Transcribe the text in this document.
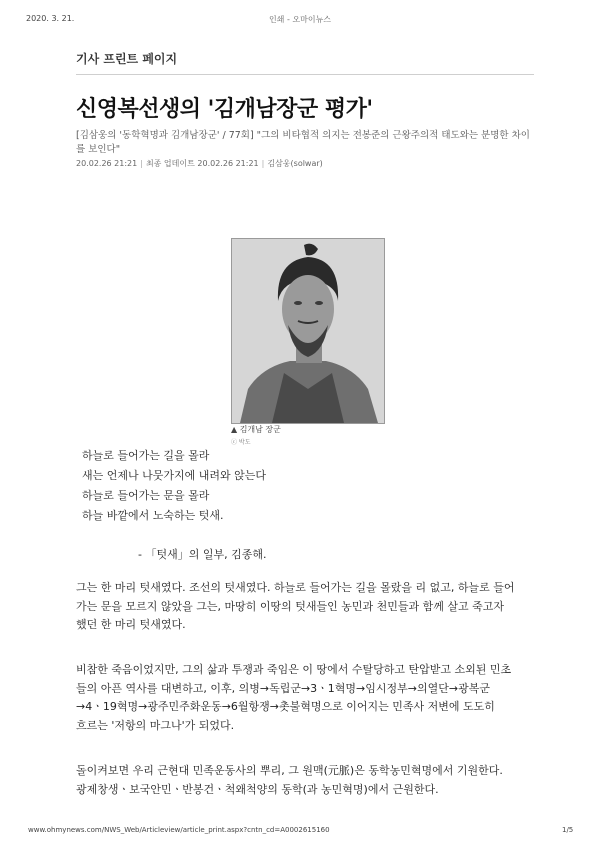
2020. 3. 21.	인쇄 - 오마이뉴스
기사 프린트 페이지
신영복선생의 '김개남장군 평가'
[김삼웅의 '동학혁명과 김개남장군' / 77회] "그의 비타협적 의지는 전봉준의 근왕주의적 태도와는 분명한 차이를 보인다"
20.02.26 21:21 | 최종 업데이트 20.02.26 21:21 | 김삼웅(solwar)
▲ 김개남 장군
ⓒ 박도
하늘로 들어가는 길을 몰라
새는 언제나 나뭇가지에 내려와 앉는다
하늘로 들어가는 문을 몰라
하늘 바깥에서 노숙하는 텃새.
- 「텃새」의 일부, 김종해.
그는 한 마리 텃새였다. 조선의 텃새였다. 하늘로 들어가는 길을 몰랐을 리 없고, 하늘로 들어
가는 문을 모르지 않았을 그는, 마땅히 이땅의 텃새들인 농민과 천민들과 함께 살고 죽고자
했던 한 마리 텃새였다.
비참한 죽음이었지만, 그의 삶과 투쟁과 죽임은 이 땅에서 수탈당하고 탄압받고 소외된 민초
들의 아픈 역사를 대변하고, 이후, 의병→독립군→3ㆍ1혁명→임시정부→의열단→광복군
→4ㆍ19혁명→광주민주화운동→6월항쟁→촛불혁명으로 이어지는 민족사 저변에 도도히
흐르는 '저항의 마그나'가 되었다.
돌이켜보면 우리 근현대 민족운동사의 뿌리, 그 원맥(元脈)은 동학농민혁명에서 기원한다.
광제창생ㆍ보국안민ㆍ반봉건ㆍ척왜척양의 동학(과 농민혁명)에서 근원한다.
www.ohmynews.com/NWS_Web/Articleview/article_print.aspx?cntn_cd=A0002615160	1/5
